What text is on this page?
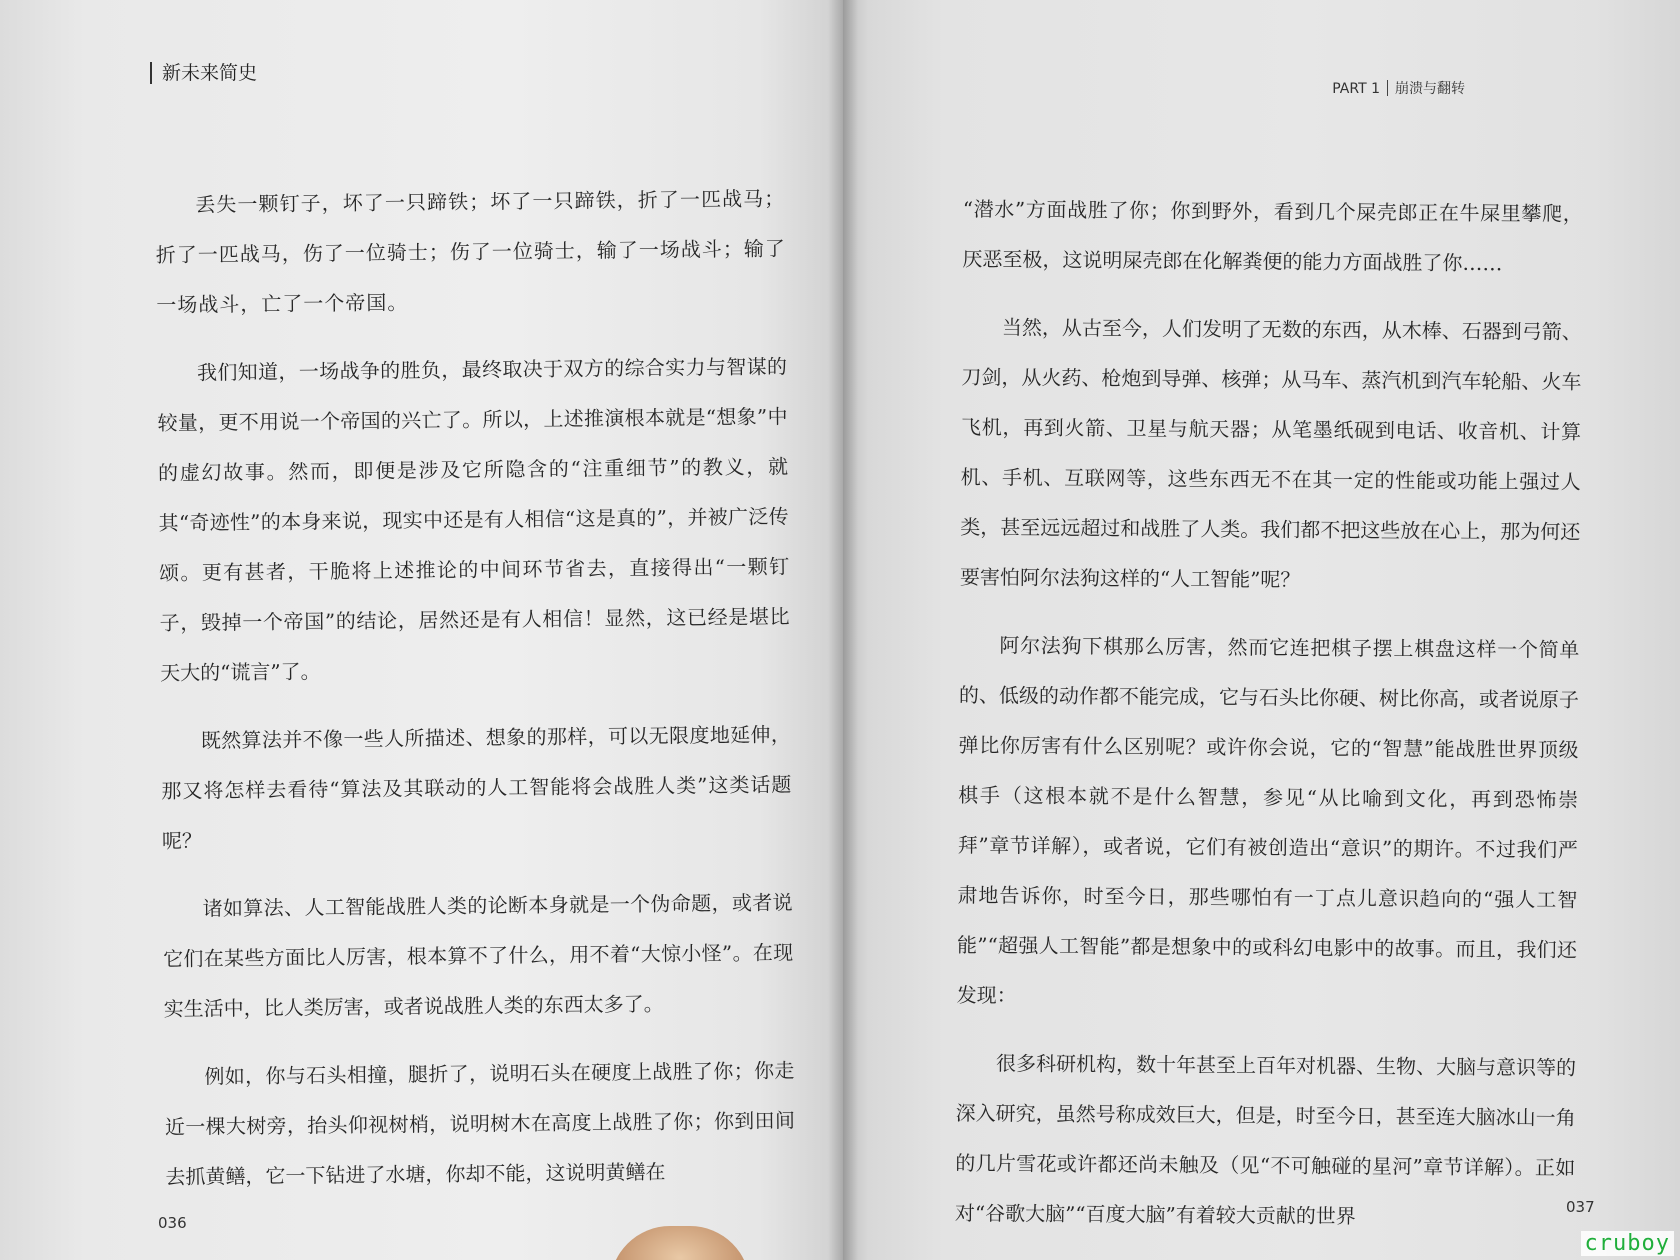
新未来简史

丢失一颗钉子，坏了一只蹄铁；坏了一只蹄铁，折了一匹战马；折了一匹战马，伤了一位骑士；伤了一位骑士，输了一场战斗；输了一场战斗，亡了一个帝国。

我们知道，一场战争的胜负，最终取决于双方的综合实力与智谋的较量，更不用说一个帝国的兴亡了。所以，上述推演根本就是“想象”中的虚幻故事。然而，即便是涉及它所隐含的“注重细节”的教义，就其“奇迹性”的本身来说，现实中还是有人相信“这是真的”，并被广泛传颂。更有甚者，干脆将上述推论的中间环节省去，直接得出“一颗钉子，毁掉一个帝国”的结论，居然还是有人相信！显然，这已经是堪比天大的“谎言”了。

既然算法并不像一些人所描述、想象的那样，可以无限度地延伸，那又将怎样去看待“算法及其联动的人工智能将会战胜人类”这类话题呢？

诸如算法、人工智能战胜人类的论断本身就是一个伪命题，或者说它们在某些方面比人厉害，根本算不了什么，用不着“大惊小怪”。在现实生活中，比人类厉害，或者说战胜人类的东西太多了。

例如，你与石头相撞，腿折了，说明石头在硬度上战胜了你；你走近一棵大树旁，抬头仰视树梢，说明树木在高度上战胜了你；你到田间去抓黄鳝，它一下钻进了水塘，你却不能，这说明黄鳝在

036
PART 1 崩溃与翻转
037

“潜水”方面战胜了你；你到野外，看到几个屎壳郎正在牛屎里攀爬，厌恶至极，这说明屎壳郎在化解粪便的能力方面战胜了你……

当然，从古至今，人们发明了无数的东西，从木棒、石器到弓箭、刀剑，从火药、枪炮到导弹、核弹；从马车、蒸汽机到汽车轮船、火车飞机，再到火箭、卫星与航天器；从笔墨纸砚到电话、收音机、计算机、手机、互联网等，这些东西无不在其一定的性能或功能上强过人类，甚至远远超过和战胜了人类。我们都不把这些放在心上，那为何还要害怕阿尔法狗这样的“人工智能”呢？

阿尔法狗下棋那么厉害，然而它连把棋子摆上棋盘这样一个简单的、低级的动作都不能完成，它与石头比你硬、树比你高，或者说原子弹比你厉害有什么区别呢？或许你会说，它的“智慧”能战胜世界顶级棋手（这根本就不是什么智慧，参见“从比喻到文化，再到恐怖崇拜”章节详解），或者说，它们有被创造出“意识”的期许。不过我们严肃地告诉你，时至今日，那些哪怕有一丁点儿意识趋向的“强人工智能”“超强人工智能”都是想象中的或科幻电影中的故事。而且，我们还发现：

很多科研机构，数十年甚至上百年对机器、生物、大脑与意识等的深入研究，虽然号称成效巨大，但是，时至今日，甚至连大脑冰山一角的几片雪花或许都还尚未触及（见“不可触碰的星河”章节详解）。正如对“谷歌大脑”“百度大脑”有着较大贡献的世界

cruboy
